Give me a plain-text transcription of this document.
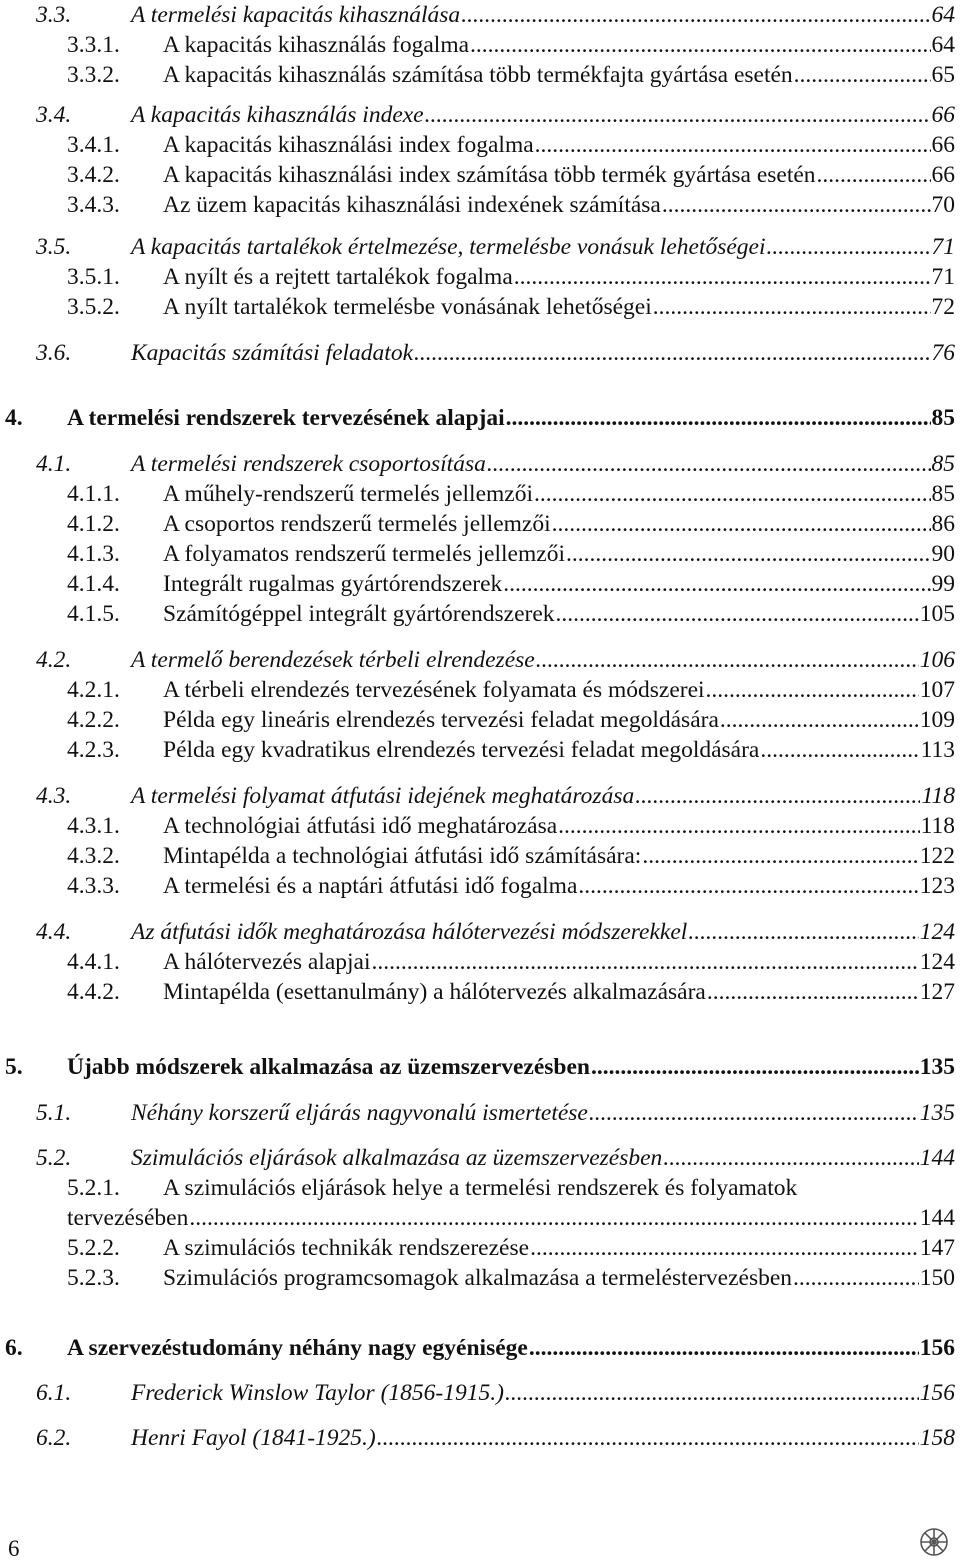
3.3.	A termelési kapacitás kihasználása .....	64
3.3.1. A kapacitás kihasználás fogalma .....	64
3.3.2. A kapacitás kihasználás számítása több termékfajta gyártása esetén .....	65
3.4.	A kapacitás kihasználás indexe .....	66
3.4.1. A kapacitás kihasználási index fogalma .....	66
3.4.2. A kapacitás kihasználási index számítása több termék gyártása esetén .....	66
3.4.3. Az üzem kapacitás kihasználási indexének számítása .....	70
3.5.	A kapacitás tartalékok értelmezése, termelésbe vonásuk lehetőségei .....	71
3.5.1. A nyílt és a rejtett tartalékok fogalma .....	71
3.5.2. A nyílt tartalékok termelésbe vonásának lehetőségei .....	72
3.6.	Kapacitás számítási feladatok .....	76
4. A termelési rendszerek tervezésének alapjai .....	85
4.1.	A termelési rendszerek csoportosítása .....	85
4.1.1. A műhely-rendszerű termelés jellemzői .....	85
4.1.2. A csoportos rendszerű termelés jellemzői .....	86
4.1.3. A folyamatos rendszerű termelés jellemzői .....	90
4.1.4. Integrált rugalmas gyártórendszerek .....	99
4.1.5. Számítógéppel integrált gyártórendszerek .....	105
4.2.	A termelő berendezések térbeli elrendezése .....	106
4.2.1. A térbeli elrendezés tervezésének folyamata és módszerei .....	107
4.2.2. Példa egy lineáris elrendezés tervezési feladat megoldására .....	109
4.2.3. Példa egy kvadratikus elrendezés tervezési feladat megoldására .....	113
4.3.	A termelési folyamat átfutási idejének meghatározása .....	118
4.3.1. A technológiai átfutási idő meghatározása .....	118
4.3.2. Mintapélda a technológiai átfutási idő számítására: .....	122
4.3.3. A termelési és a naptári átfutási idő fogalma .....	123
4.4.	Az átfutási idők meghatározása hálótervezési módszerekkel .....	124
4.4.1. A hálótervezés alapjai .....	124
4.4.2. Mintapélda (esettanulmány) a hálótervezés alkalmazására .....	127
5. Újabb módszerek alkalmazása az üzemszervezésben .....	135
5.1.	Néhány korszerű eljárás nagyvonalú ismertetése .....	135
5.2.	Szimulációs eljárások alkalmazása az üzemszervezésben .....	144
5.2.1. A szimulációs eljárások helye a termelési rendszerek és folyamatok
tervezésében .....	144
5.2.2. A szimulációs technikák rendszerezése .....	147
5.2.3. Szimulációs programcsomagok alkalmazása a termeléstervezésben .....	150
6. A szervezéstudomány néhány nagy egyénisége .....	156
6.1.	Frederick Winslow Taylor (1856-1915.) .....	156
6.2.	Henri Fayol (1841-1925.) .....	158
6
